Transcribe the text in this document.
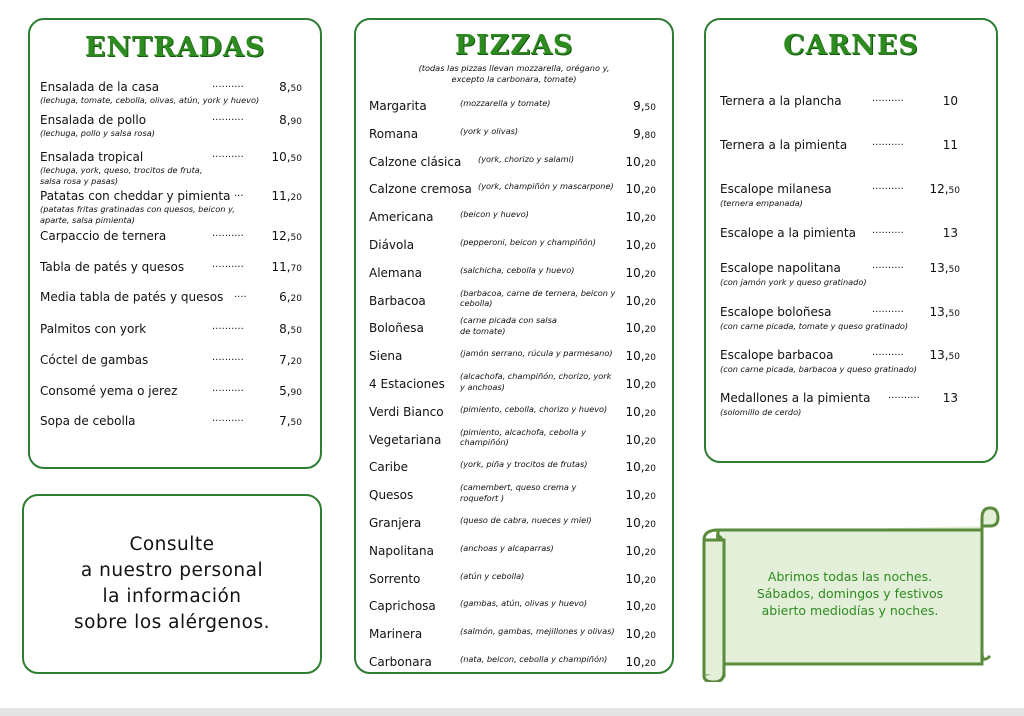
ENTRADAS
Ensalada de la casa	..........	8,50
(lechuga, tomate, cebolla, olivas, atún, york y huevo)
Ensalada de pollo	..........	8,90
(lechuga, pollo y salsa rosa)
Ensalada tropical	.......... 10,50
(lechuga, york, queso, trocitos de fruta,
salsa rosa y pasas)
Patatas con cheddar y pimienta ... 11,20
(patatas fritas gratinadas con quesos, beicon y,
aparte, salsa pimienta)
Carpaccio de ternera	.......... 12,50
Tabla de patés y quesos	.......... 11,70
Media tabla de patés y quesos ....	6,20
Palmitos con york	..........	8,50
Cóctel de gambas	..........	7,20
Consomé yema o jerez	..........	5,90
Sopa de cebolla	..........	7,50
PIZZAS
(todas las pizzas llevan mozzarella, orégano y,
excepto la carbonara, tomate)
Margarita	(mozzarella y tomate)	9,50
Romana	(york y olivas)	9,80
Calzone clásica (york, chorizo y salami)	10,20
Calzone cremosa (york, champiñón y mascarpone) 10,20
Americana	(beicon y huevo)	10,20
Diávola	(pepperoni, beicon y champiñón) 10,20
Alemana	(salchicha, cebolla y huevo)	10,20
Barbacoa
(barbacoa, carne de ternera, beicon y
cebolla)	10,20
Boloñesa
(carne picada con salsa
de tomate)	10,20
Siena	(jamón serrano, rúcula y parmesano) 10,20
4 Estaciones
(alcachofa, champiñón, chorizo, york
y anchoas)	10,20
Verdi Bianco (pimiento, cebolla, chorizo y huevo) 10,20
Vegetariana
(pimiento, alcachofa, cebolla y
champiñón)	10,20
Caribe	(york, piña y trocitos de frutas)	10,20
Quesos
(camembert, queso crema y
roquefort )	10,20
Granjera	(queso de cabra, nueces y miel)	10,20
Napolitana	(anchoas y alcaparras)	10,20
Sorrento	(atún y cebolla)	10,20
Caprichosa	(gambas, atún, olivas y huevo)	10,20
Marinera	(salmón, gambas, mejillones y olivas) 10,20
Carbonara	(nata, beicon, cebolla y champiñón) 10,20
CARNES
Ternera a la plancha	..........	10
Ternera a la pimienta ..........	11
Escalope milanesa	.......... 12,50
(ternera empanada)
Escalope a la pimienta ..........	13
Escalope napolitana	.......... 13,50
(con jamón york y queso gratinado)
Escalope boloñesa	.......... 13,50
(con carne picada, tomate y queso gratinado)
Escalope barbacoa	.......... 13,50
(con carne picada, barbacoa y queso gratinado)
Medallones a la pimienta .......... 13
(solomillo de cerdo)
Consulte
a nuestro personal
la información
sobre los alérgenos.
Abrimos todas las noches.
Sábados, domingos y festivos
abierto mediodías y noches.
